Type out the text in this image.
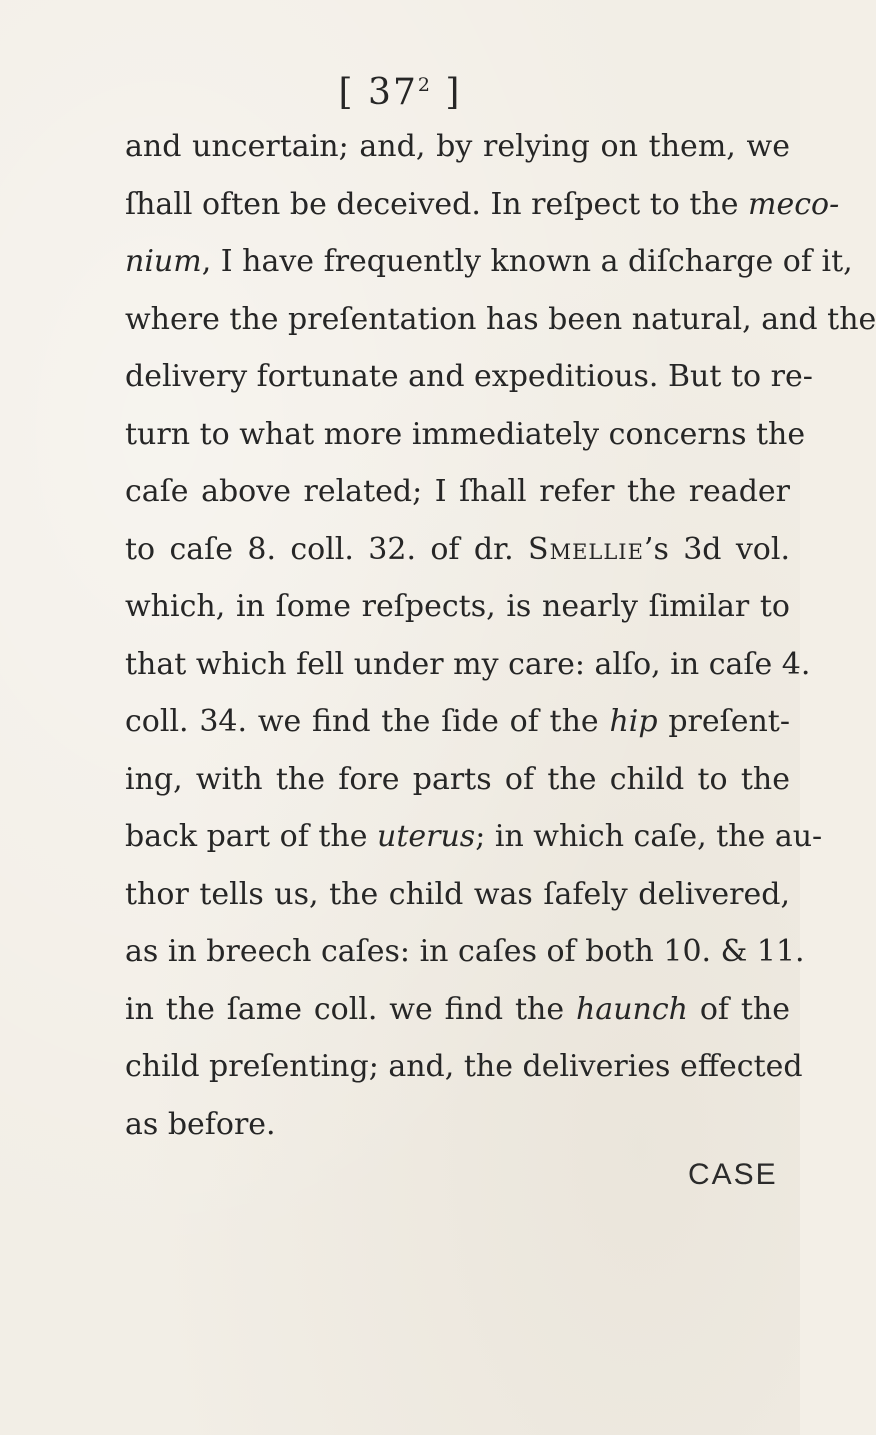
[ $37^2$ ]
and uncertain; and, by relying on them, we
ſhall often be deceived. In reſpect to the meco-
nium, I have frequently known a diſcharge of it,
where the preſentation has been natural, and the
delivery fortunate and expeditious. But to re-
turn to what more immediately concerns the
caſe above related; I ſhall refer the reader
to caſe 8. coll. 32. of dr. Smellie’s 3d vol.
which, in ſome reſpects, is nearly ſimilar to
that which fell under my care: alſo, in caſe 4.
coll. 34. we find the ſide of the hip preſent-
ing, with the fore parts of the child to the
back part of the uterus; in which caſe, the au-
thor tells us, the child was ſafely delivered,
as in breech caſes: in caſes of both 10. & 11.
in the ſame coll. we find the haunch of the
child preſenting; and, the deliveries effected
as before.
CASE
